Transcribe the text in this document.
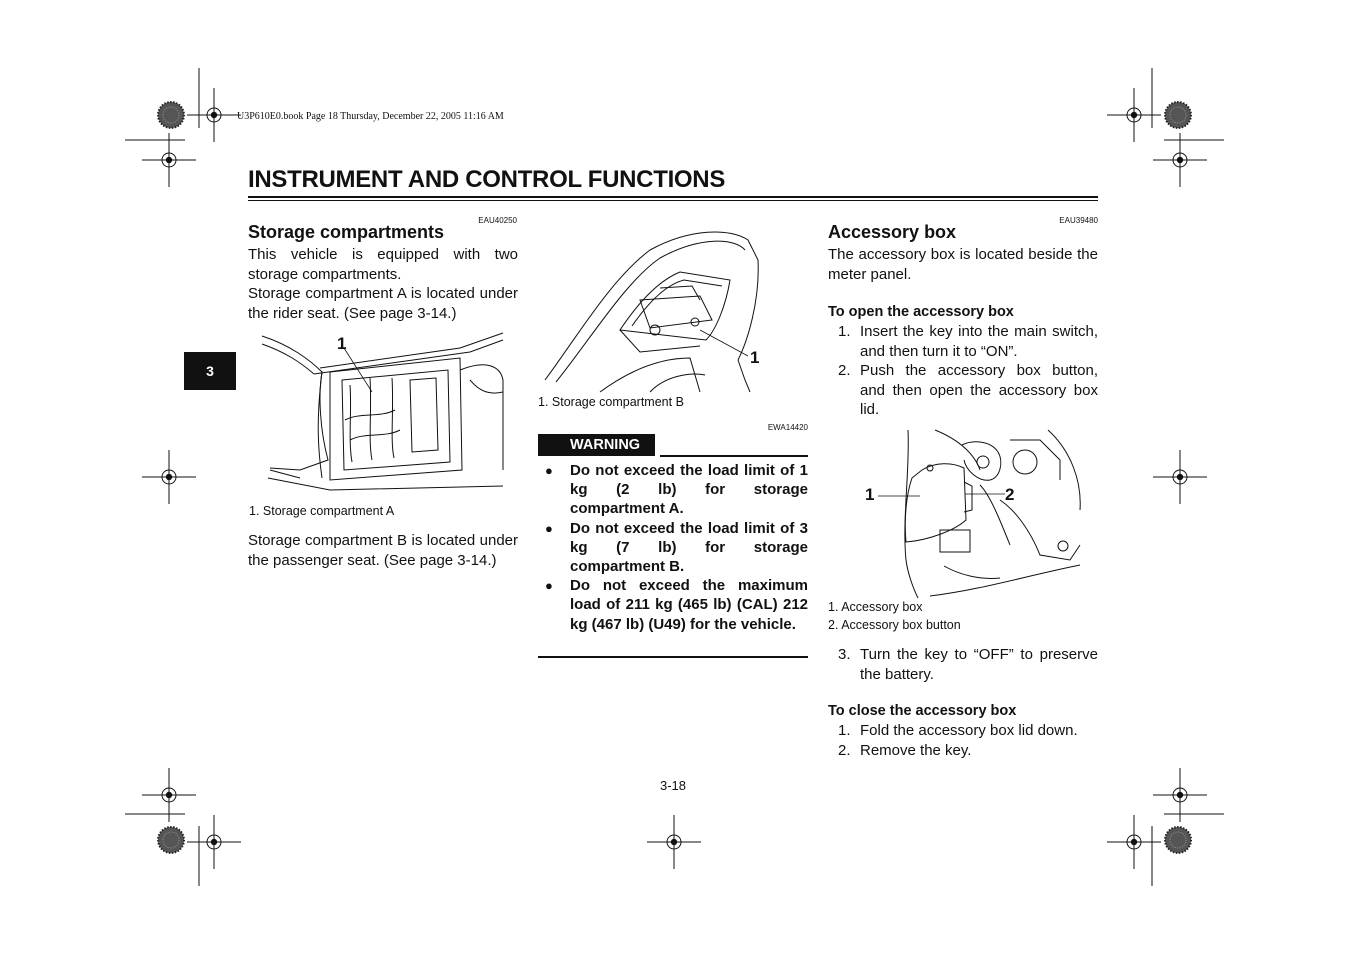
U3P610E0.book Page 18 Thursday, December 22, 2005 11:16 AM
INSTRUMENT AND CONTROL FUNCTIONS
3
EAU40250
Storage compartments

This vehicle is equipped with two storage compartments.

Storage compartment A is located under the rider seat. (See page 3-14.)

1
1. Storage compartment A
Storage compartment B is located under the passenger seat. (See page 3-14.)
1
1. Storage compartment B
EWA14420
WARNING
●	Do not exceed the load limit of 1 kg (2 lb) for storage compartment A.
●	Do not exceed the load limit of 3 kg (7 lb) for storage compartment B.
●	Do not exceed the maximum load of 211 kg (465 lb) (CAL) 212 kg (467 lb) (U49) for the vehicle.
EAU39480
Accessory box
The accessory box is located beside the meter panel.
To open the accessory box
1. Insert the key into the main switch, and then turn it to “ON”.
2. Push the accessory box button, and then open the accessory box lid.
1	2
1. Accessory box
2. Accessory box button
3. Turn the key to “OFF” to preserve the battery.
To close the accessory box
1. Fold the accessory box lid down.
2. Remove the key.
3-18
